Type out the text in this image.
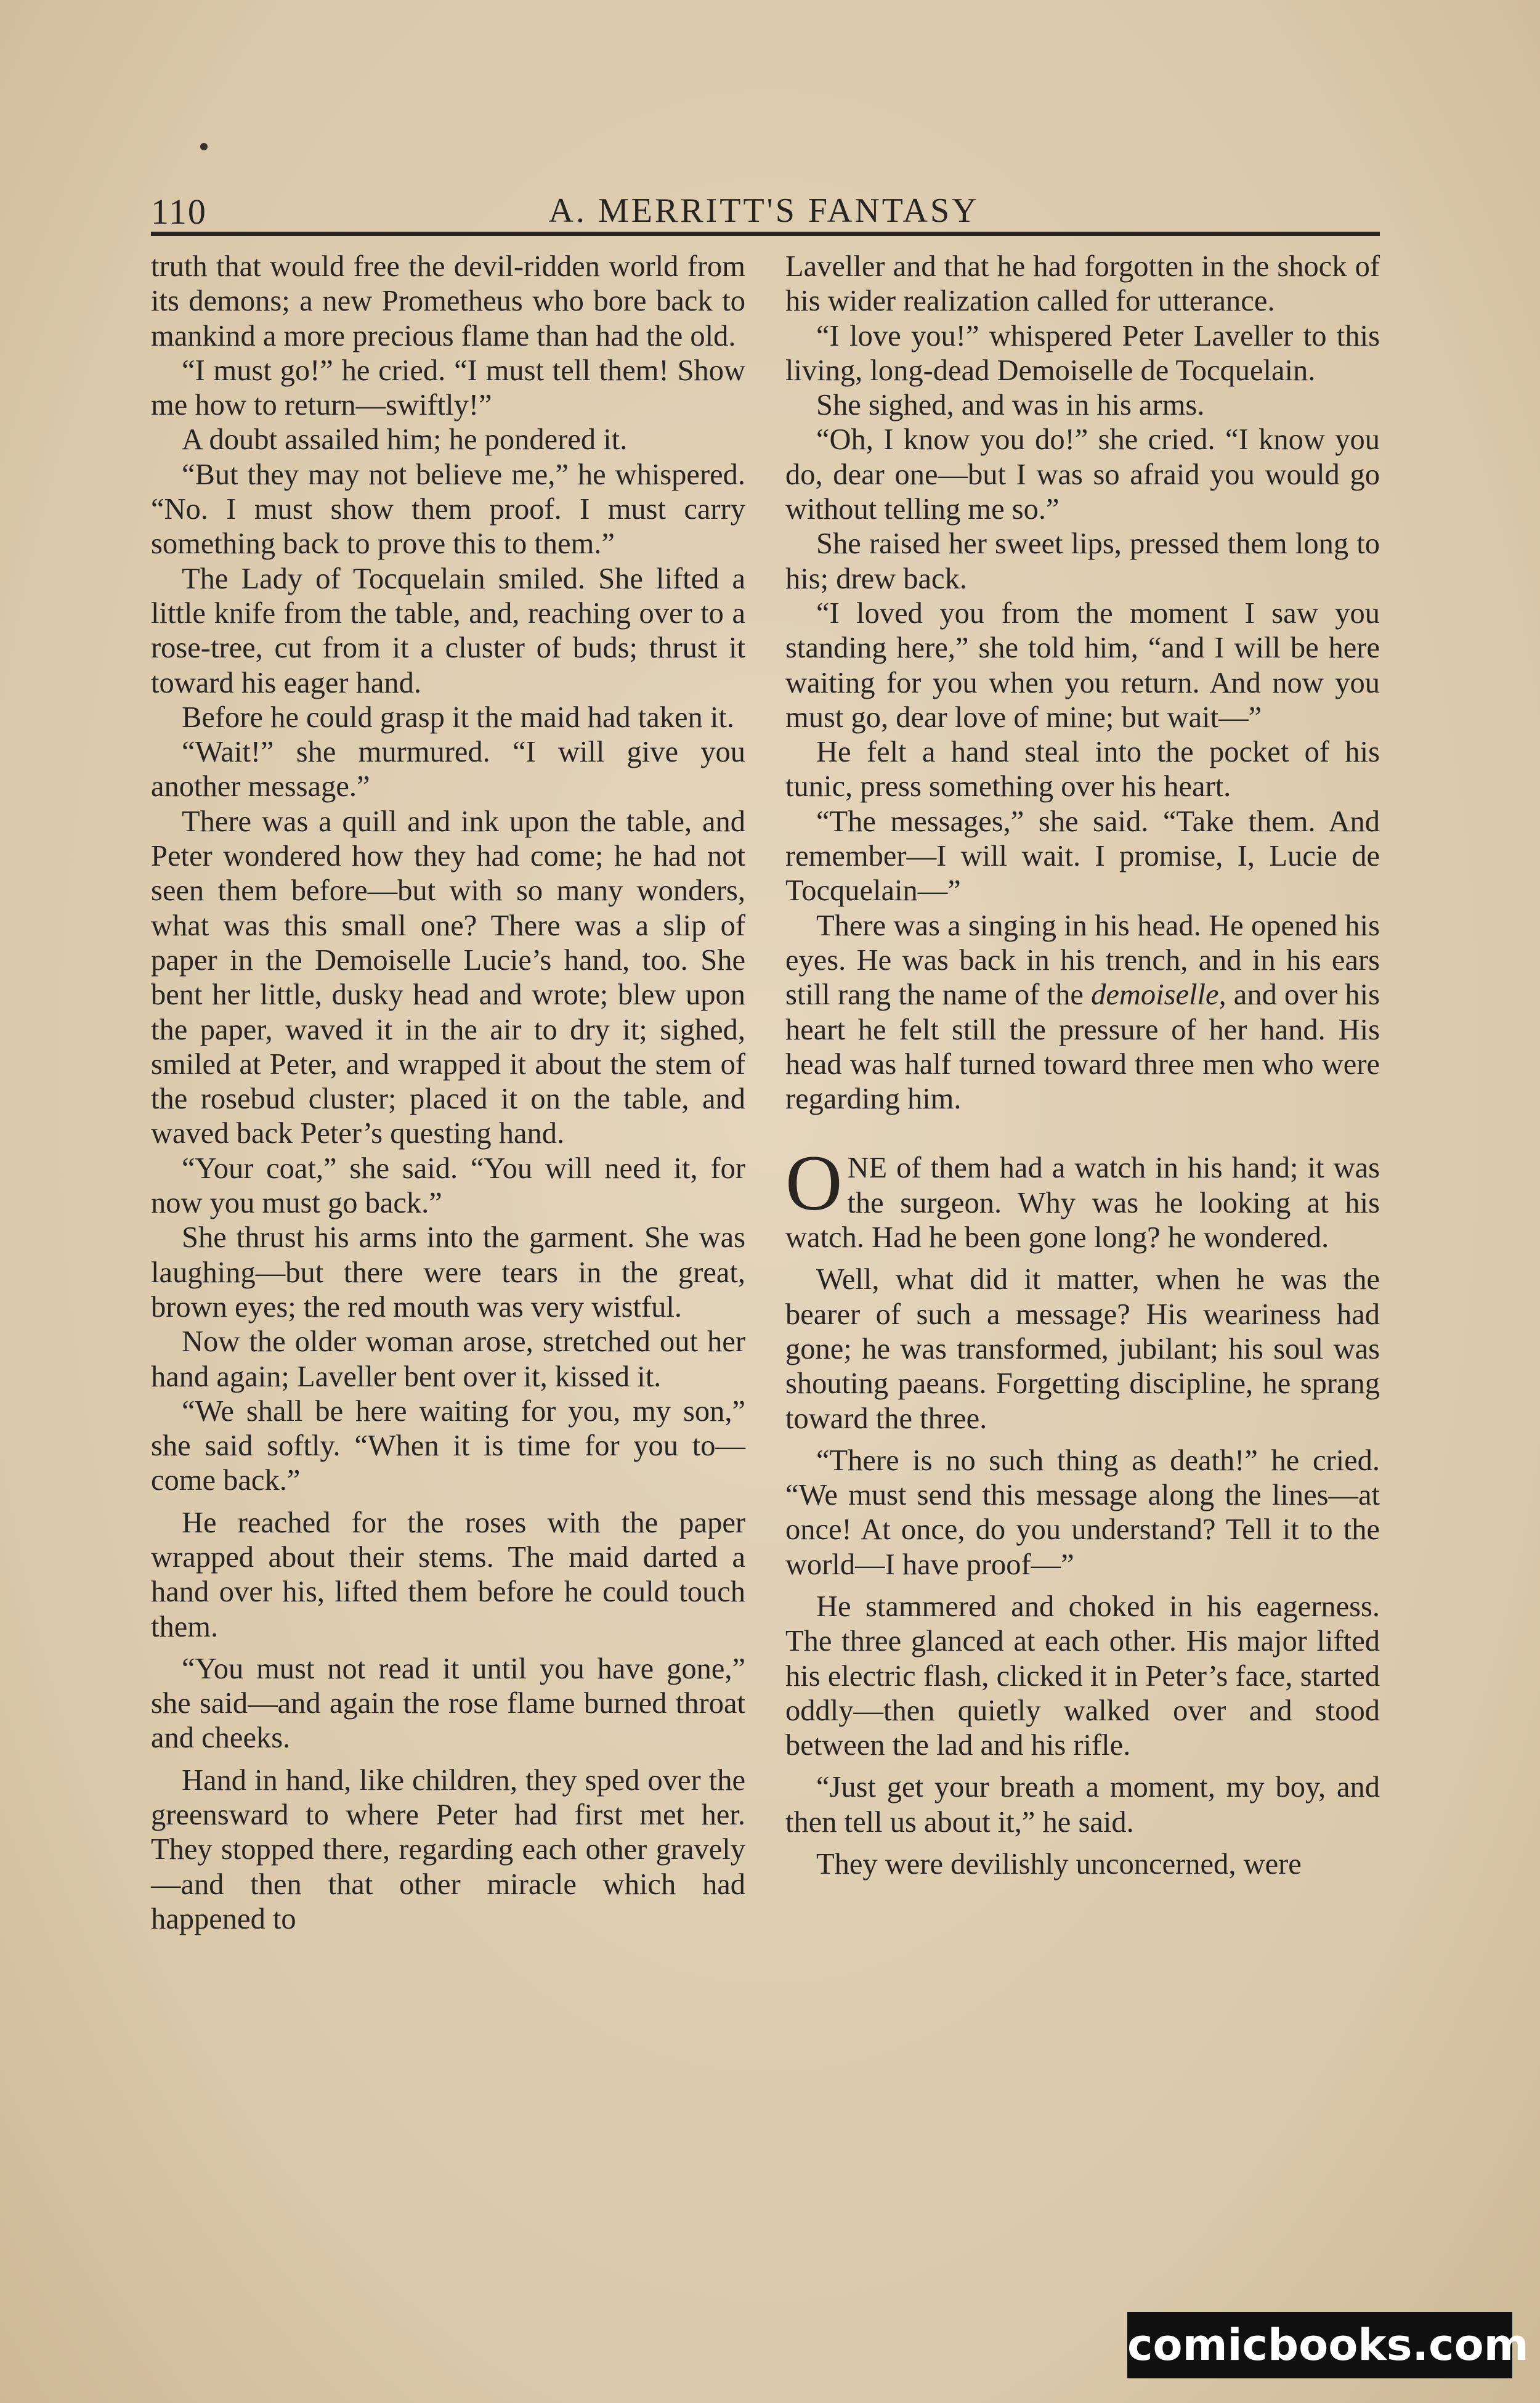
110	A. MERRITT'S FANTASY

truth that would free the devil-ridden world from its demons; a new Prometheus who bore back to mankind a more precious flame than had the old.

“I must go!” he cried. “I must tell them! Show me how to return—swiftly!”

A doubt assailed him; he pondered it.

“But they may not believe me,” he whispered. “No. I must show them proof. I must carry something back to prove this to them.”

The Lady of Tocquelain smiled. She lifted a little knife from the table, and, reaching over to a rose-tree, cut from it a cluster of buds; thrust it toward his eager hand.

Before he could grasp it the maid had taken it.

“Wait!” she murmured. “I will give you another message.”

There was a quill and ink upon the table, and Peter wondered how they had come; he had not seen them before—but with so many wonders, what was this small one? There was a slip of paper in the Demoiselle Lucie’s hand, too. She bent her little, dusky head and wrote; blew upon the paper, waved it in the air to dry it; sighed, smiled at Peter, and wrapped it about the stem of the rosebud cluster; placed it on the table, and waved back Peter’s questing hand.

“Your coat,” she said. “You will need it, for now you must go back.”

She thrust his arms into the garment. She was laughing—but there were tears in the great, brown eyes; the red mouth was very wistful.

Now the older woman arose, stretched out her hand again; Laveller bent over it, kissed it.

“We shall be here waiting for you, my son,” she said softly. “When it is time for you to—come back.”

He reached for the roses with the paper wrapped about their stems. The maid darted a hand over his, lifted them before he could touch them.

“You must not read it until you have gone,” she said—and again the rose flame burned throat and cheeks.

Hand in hand, like children, they sped over the greensward to where Peter had first met her. They stopped there, regarding each other gravely—and then that other miracle which had happened to

Laveller and that he had forgotten in the shock of his wider realization called for utterance.

“I love you!” whispered Peter Laveller to this living, long-dead Demoiselle de Tocquelain.

She sighed, and was in his arms.

“Oh, I know you do!” she cried. “I know you do, dear one—but I was so afraid you would go without telling me so.”

She raised her sweet lips, pressed them long to his; drew back.

“I loved you from the moment I saw you standing here,” she told him, “and I will be here waiting for you when you return. And now you must go, dear love of mine; but wait—”

He felt a hand steal into the pocket of his tunic, press something over his heart.

“The messages,” she said. “Take them. And remember—I will wait. I promise, I, Lucie de Tocquelain—”

There was a singing in his head. He opened his eyes. He was back in his trench, and in his ears still rang the name of the demoiselle, and over his heart he felt still the pressure of her hand. His head was half turned toward three men who were regarding him.

ONE of them had a watch in his hand; it was the surgeon. Why was he looking at his watch. Had he been gone long? he wondered.

Well, what did it matter, when he was the bearer of such a message? His weariness had gone; he was transformed, jubilant; his soul was shouting paeans. Forgetting discipline, he sprang toward the three.

“There is no such thing as death!” he cried. “We must send this message along the lines—at once! At once, do you understand? Tell it to the world—I have proof—”

He stammered and choked in his eagerness. The three glanced at each other. His major lifted his electric flash, clicked it in Peter’s face, started oddly—then quietly walked over and stood between the lad and his rifle.

“Just get your breath a moment, my boy, and then tell us about it,” he said.

They were devilishly unconcerned, were

comicbooks.com
